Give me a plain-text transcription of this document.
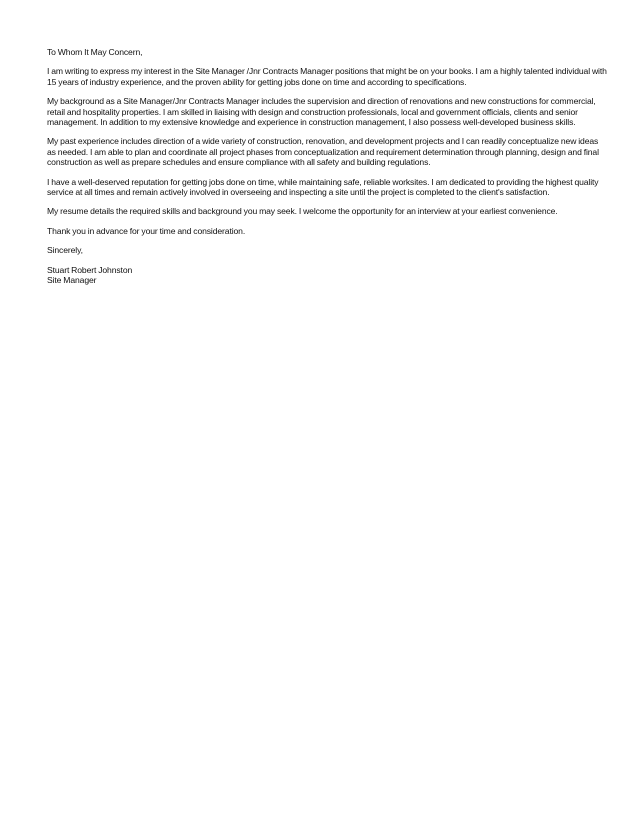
To Whom It May Concern,

I am writing to express my interest in the Site Manager /Jnr Contracts Manager positions that might be on your books. I am a highly talented individual with 15 years of industry experience, and the proven ability for getting jobs done on time and according to specifications.

My background as a Site Manager/Jnr Contracts Manager includes the supervision and direction of renovations and new constructions for commercial, retail and hospitality properties. I am skilled in liaising with design and construction professionals, local and government officials, clients and senior management. In addition to my extensive knowledge and experience in construction management, I also possess well-developed business skills.

My past experience includes direction of a wide variety of construction, renovation, and development projects and I can readily conceptualize new ideas as needed. I am able to plan and coordinate all project phases from conceptualization and requirement determination through planning, design and final construction as well as prepare schedules and ensure compliance with all safety and building regulations.

I have a well-deserved reputation for getting jobs done on time, while maintaining safe, reliable worksites. I am dedicated to providing the highest quality service at all times and remain actively involved in overseeing and inspecting a site until the project is completed to the client's satisfaction.

My resume details the required skills and background you may seek. I welcome the opportunity for an interview at your earliest convenience.

Thank you in advance for your time and consideration.

Sincerely,

Stuart Robert Johnston

Site Manager
